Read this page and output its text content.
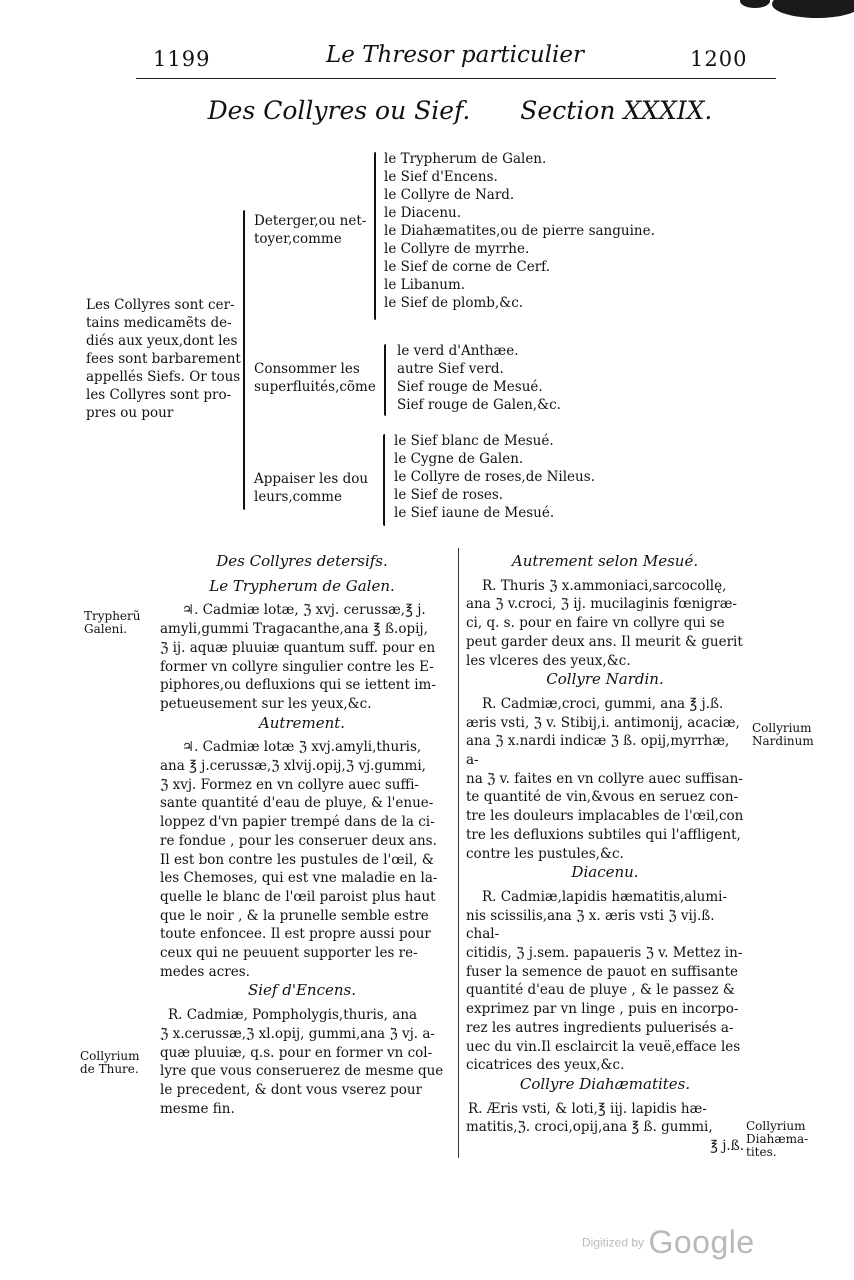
1199	Le Thresor particulier	1200
Des Collyres ou Sief. Section XXXIX.
Les Collyres sont cer-
tains medicamẽts de-
diés aux yeux,dont les
fees sont barbarement
appellés Siefs. Or tous
les Collyres sont pro-
pres ou pour
Deterger,ou net-
toyer,comme
le Trypherum de Galen.
le Sief d'Encens.
le Collyre de Nard.
le Diacenu.
le Diahæmatites,ou de pierre sanguine.
le Collyre de myrrhe.
le Sief de corne de Cerf.
le Libanum.
le Sief de plomb,&c.
Consommer les
superfluités,cõme
le verd d'Anthæe.
autre Sief verd.
Sief rouge de Mesué.
Sief rouge de Galen,&c.
Appaiser les dou
leurs,comme
le Sief blanc de Mesué.
le Cygne de Galen.
le Collyre de roses,de Nileus.
le Sief de roses.
le Sief iaune de Mesué.
Des Collyres detersifs.
Le Trypherum de Galen.
♃. Cadmiæ lotæ, ℨ xvj. cerussæ,℥ j.
amyli,gummi Tragacanthe,ana ℥ ß.opij,
ℨ ij. aquæ pluuiæ quantum suff. pour en
former vn collyre singulier contre les E-
piphores,ou defluxions qui se iettent im-
petueusement sur les yeux,&c.
Autrement.
♃. Cadmiæ lotæ ℨ xvj.amyli,thuris,
ana ℥ j.cerussæ,ℨ xlvij.opij,ℨ vj.gummi,
ℨ xvj. Formez en vn collyre auec suffi-
sante quantité d'eau de pluye, & l'enue-
loppez d'vn papier trempé dans de la ci-
re fondue , pour les conseruer deux ans.
Il est bon contre les pustules de l'œil, &
les Chemoses, qui est vne maladie en la-
quelle le blanc de l'œil paroist plus haut
que le noir , & la prunelle semble estre
toute enfoncee. Il est propre aussi pour
ceux qui ne peuuent supporter les re-
medes acres.
Sief d'Encens.
R. Cadmiæ, Pompholygis,thuris, ana
ℨ x.cerussæ,ℨ xl.opij, gummi,ana ℨ vj. a-
quæ pluuiæ, q.s. pour en former vn col-
lyre que vous conseruerez de mesme que
le precedent, & dont vous vserez pour
mesme fin.
Autrement selon Mesué.
R. Thuris ℨ x.ammoniaci,sarcocollę,
ana ℨ v.croci, ℨ ij. mucilaginis fœnigræ-
ci, q. s. pour en faire vn collyre qui se
peut garder deux ans. Il meurit & guerit
les vlceres des yeux,&c.
Collyre Nardin.
R. Cadmiæ,croci, gummi, ana ℥ j.ß.
æris vsti, ℨ v. Stibij,i. antimonij, acaciæ,
ana ℨ x.nardi indicæ ℨ ß. opij,myrrhæ, a-
na ℨ v. faites en vn collyre auec suffisan-
te quantité de vin,&vous en seruez con-
tre les douleurs implacables de l'œil,con
tre les defluxions subtiles qui l'affligent,
contre les pustules,&c.
Diacenu.
R. Cadmiæ,lapidis hæmatitis,alumi-
nis scissilis,ana ℨ x. æris vsti ℨ vij.ß. chal-
citidis, ℨ j.sem. papaueris ℨ v. Mettez in-
fuser la semence de pauot en suffisante
quantité d'eau de pluye , & le passez &
exprimez par vn linge , puis en incorpo-
rez les autres ingredients puluerisés a-
uec du vin.Il esclaircit la veuë,efface les
cicatrices des yeux,&c.
Collyre Diahæmatites.
R. Æris vsti, & loti,℥ iij. lapidis hæ-
matitis,ℨ. croci,opij,ana ℥ ß. gummi,
℥ j.ß.
Trypherũ
Galeni.
Collyrium
de Thure.
Collyrium
Nardinum
Collyrium
Diahæma-
tites.
Digitized by Google
